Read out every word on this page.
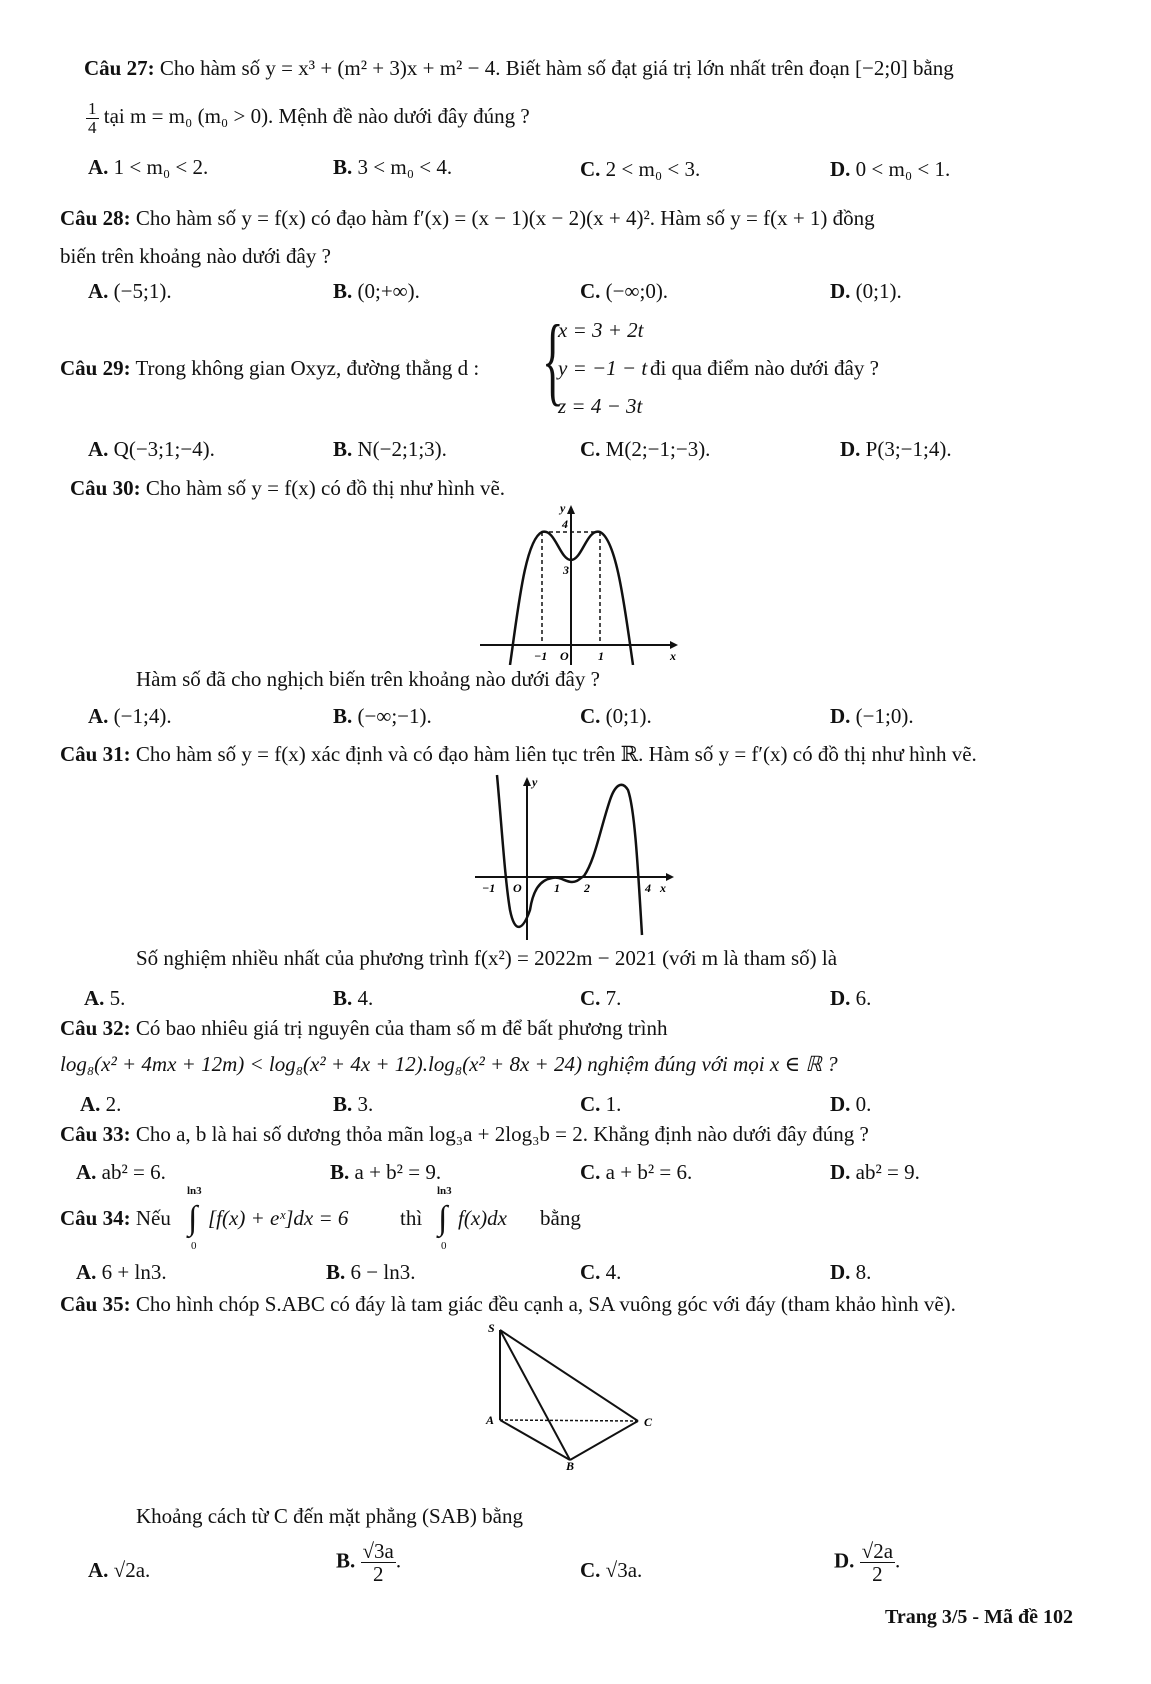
Câu 27: Cho hàm số y = x³ + (m² + 3)x + m² − 4. Biết hàm số đạt giá trị lớn nhất trên đoạn [−2;0] bằng
$\frac{1}{4}$ tại m = m₀ (m₀ > 0). Mệnh đề nào dưới đây đúng ?
A. 1 < m₀ < 2.	B. 3 < m₀ < 4.	C. 2 < m₀ < 3.	D. 0 < m₀ < 1.
Câu 28: Cho hàm số y = f(x) có đạo hàm f′(x) = (x − 1)(x − 2)(x + 4)². Hàm số y = f(x + 1) đồng
biến trên khoảng nào dưới đây ?
A. (−5;1).	B. (0;+∞).	C. (−∞;0).	D. (0;1).
Câu 29: Trong không gian Oxyz, đường thẳng d : {
x = 3 + 2t
y = −1 − t
z = 4 − 3t
đi qua điểm nào dưới đây ?
A. Q(−3;1;−4).	B. N(−2;1;3).	C. M(2;−1;−3).	D. P(3;−1;4).
Câu 30: Cho hàm số y = f(x) có đồ thị như hình vẽ.
y
x
O
−1	1
4
3
Hàm số đã cho nghịch biến trên khoảng nào dưới đây ?
A. (−1;4).	B. (−∞;−1).	C. (0;1).	D. (−1;0).
Câu 31: Cho hàm số y = f(x) xác định và có đạo hàm liên tục trên ℝ. Hàm số y = f′(x) có đồ thị như hình vẽ.
y
x
O
−1	1 2	4
Số nghiệm nhiều nhất của phương trình f(x²) = 2022m − 2021 (với m là tham số) là
A. 5.	B. 4.	C. 7.	D. 6.
Câu 32: Có bao nhiêu giá trị nguyên của tham số m để bất phương trình
log₈(x² + 4mx + 12m) < log₈(x² + 4x + 12).log₈(x² + 8x + 24) nghiệm đúng với mọi x ∈ ℝ ?
A. 2.	B. 3.	C. 1.	D. 0.
Câu 33: Cho a, b là hai số dương thỏa mãn log₃a + 2log₃b = 2. Khẳng định nào dưới đây đúng ?
A. ab² = 6.	B. a + b² = 9.	C. a + b² = 6.	D. ab² = 9.
Câu 34: Nếu
ln3
∫
0
[f(x) + eˣ]dx = 6 thì
ln3
∫
0
f(x)dx bằng
A. 6 + ln3.	B. 6 − ln3.	C. 4.	D. 8.
Câu 35: Cho hình chóp S.ABC có đáy là tam giác đều cạnh a, SA vuông góc với đáy (tham khảo hình vẽ).
S
A
B
C
Khoảng cách từ C đến mặt phẳng (SAB) bằng
A. √2a.	B. $\frac{√3a}{2}$ .	C. √3a.	D. $\frac{√2a}{2}$ .
Trang 3/5 - Mã đề 102
